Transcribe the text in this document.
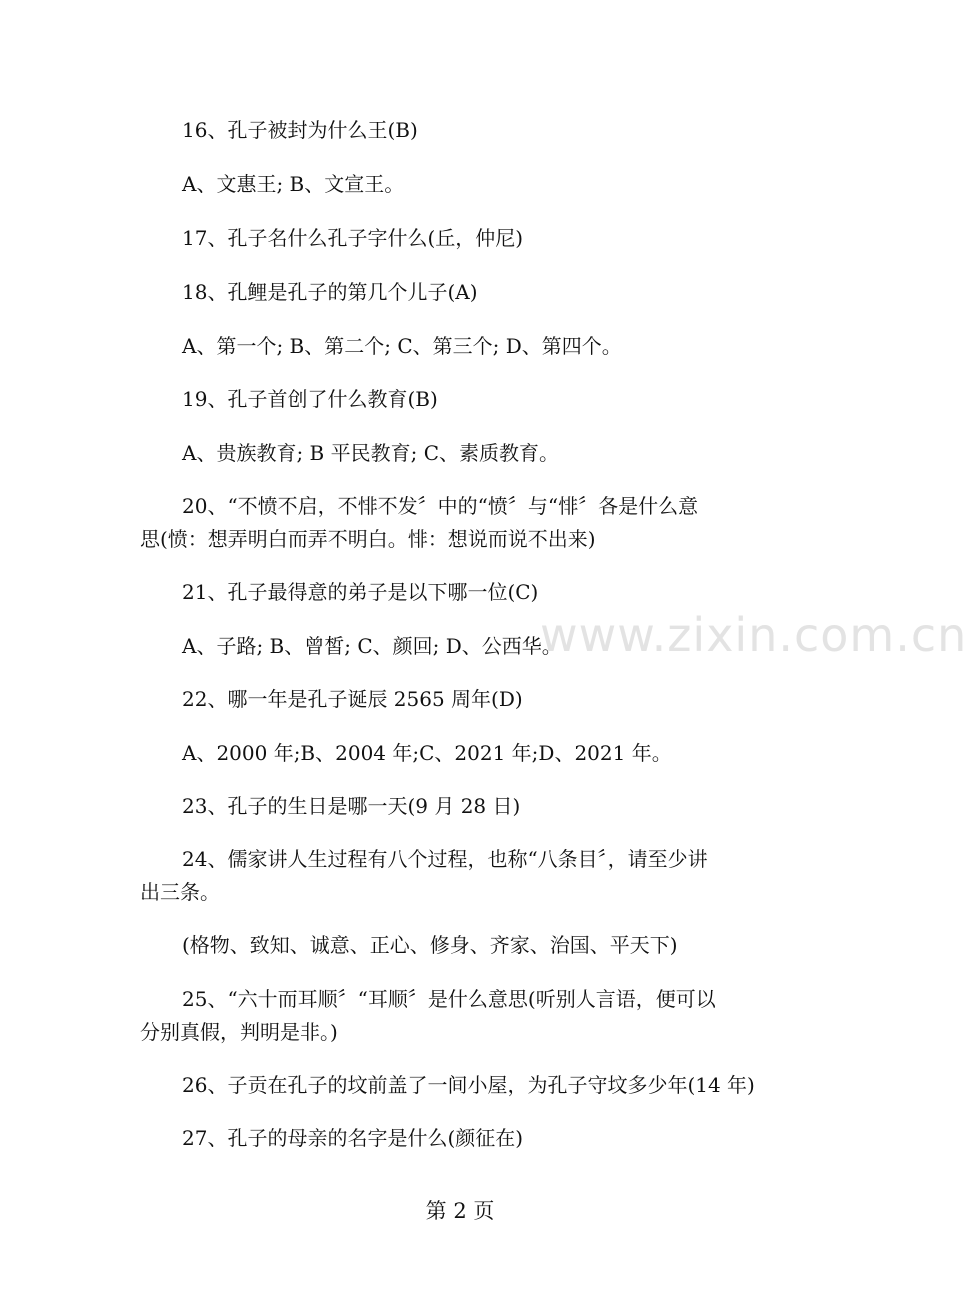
www.zixin.com.cn

16、孔子被封为什么王(B)

A、文惠王; B、文宣王。

17、孔子名什么孔子字什么(丘，仲尼)

18、孔鲤是孔子的第几个儿子(A)

A、第一个; B、第二个; C、第三个; D、第四个。

19、孔子首创了什么教育(B)

A、贵族教育; B 平民教育; C、素质教育。

20、“不愤不启，不悱不发〞中的“愤〞与“悱〞各是什么意

思(愤：想弄明白而弄不明白。悱：想说而说不出来)

21、孔子最得意的弟子是以下哪一位(C)

A、子路; B、曾皙; C、颜回; D、公西华。

22、哪一年是孔子诞辰 2565 周年(D)

A、2000 年;B、2004 年;C、2021 年;D、2021 年。

23、孔子的生日是哪一天(9 月 28 日)

24、儒家讲人生过程有八个过程，也称“八条目〞，请至少讲

出三条。

(格物、致知、诚意、正心、修身、齐家、治国、平天下)

25、“六十而耳顺〞“耳顺〞是什么意思(听别人言语，便可以

分别真假，判明是非。)

26、子贡在孔子的坟前盖了一间小屋，为孔子守坟多少年(14 年)

27、孔子的母亲的名字是什么(颜征在)

第 2 页
